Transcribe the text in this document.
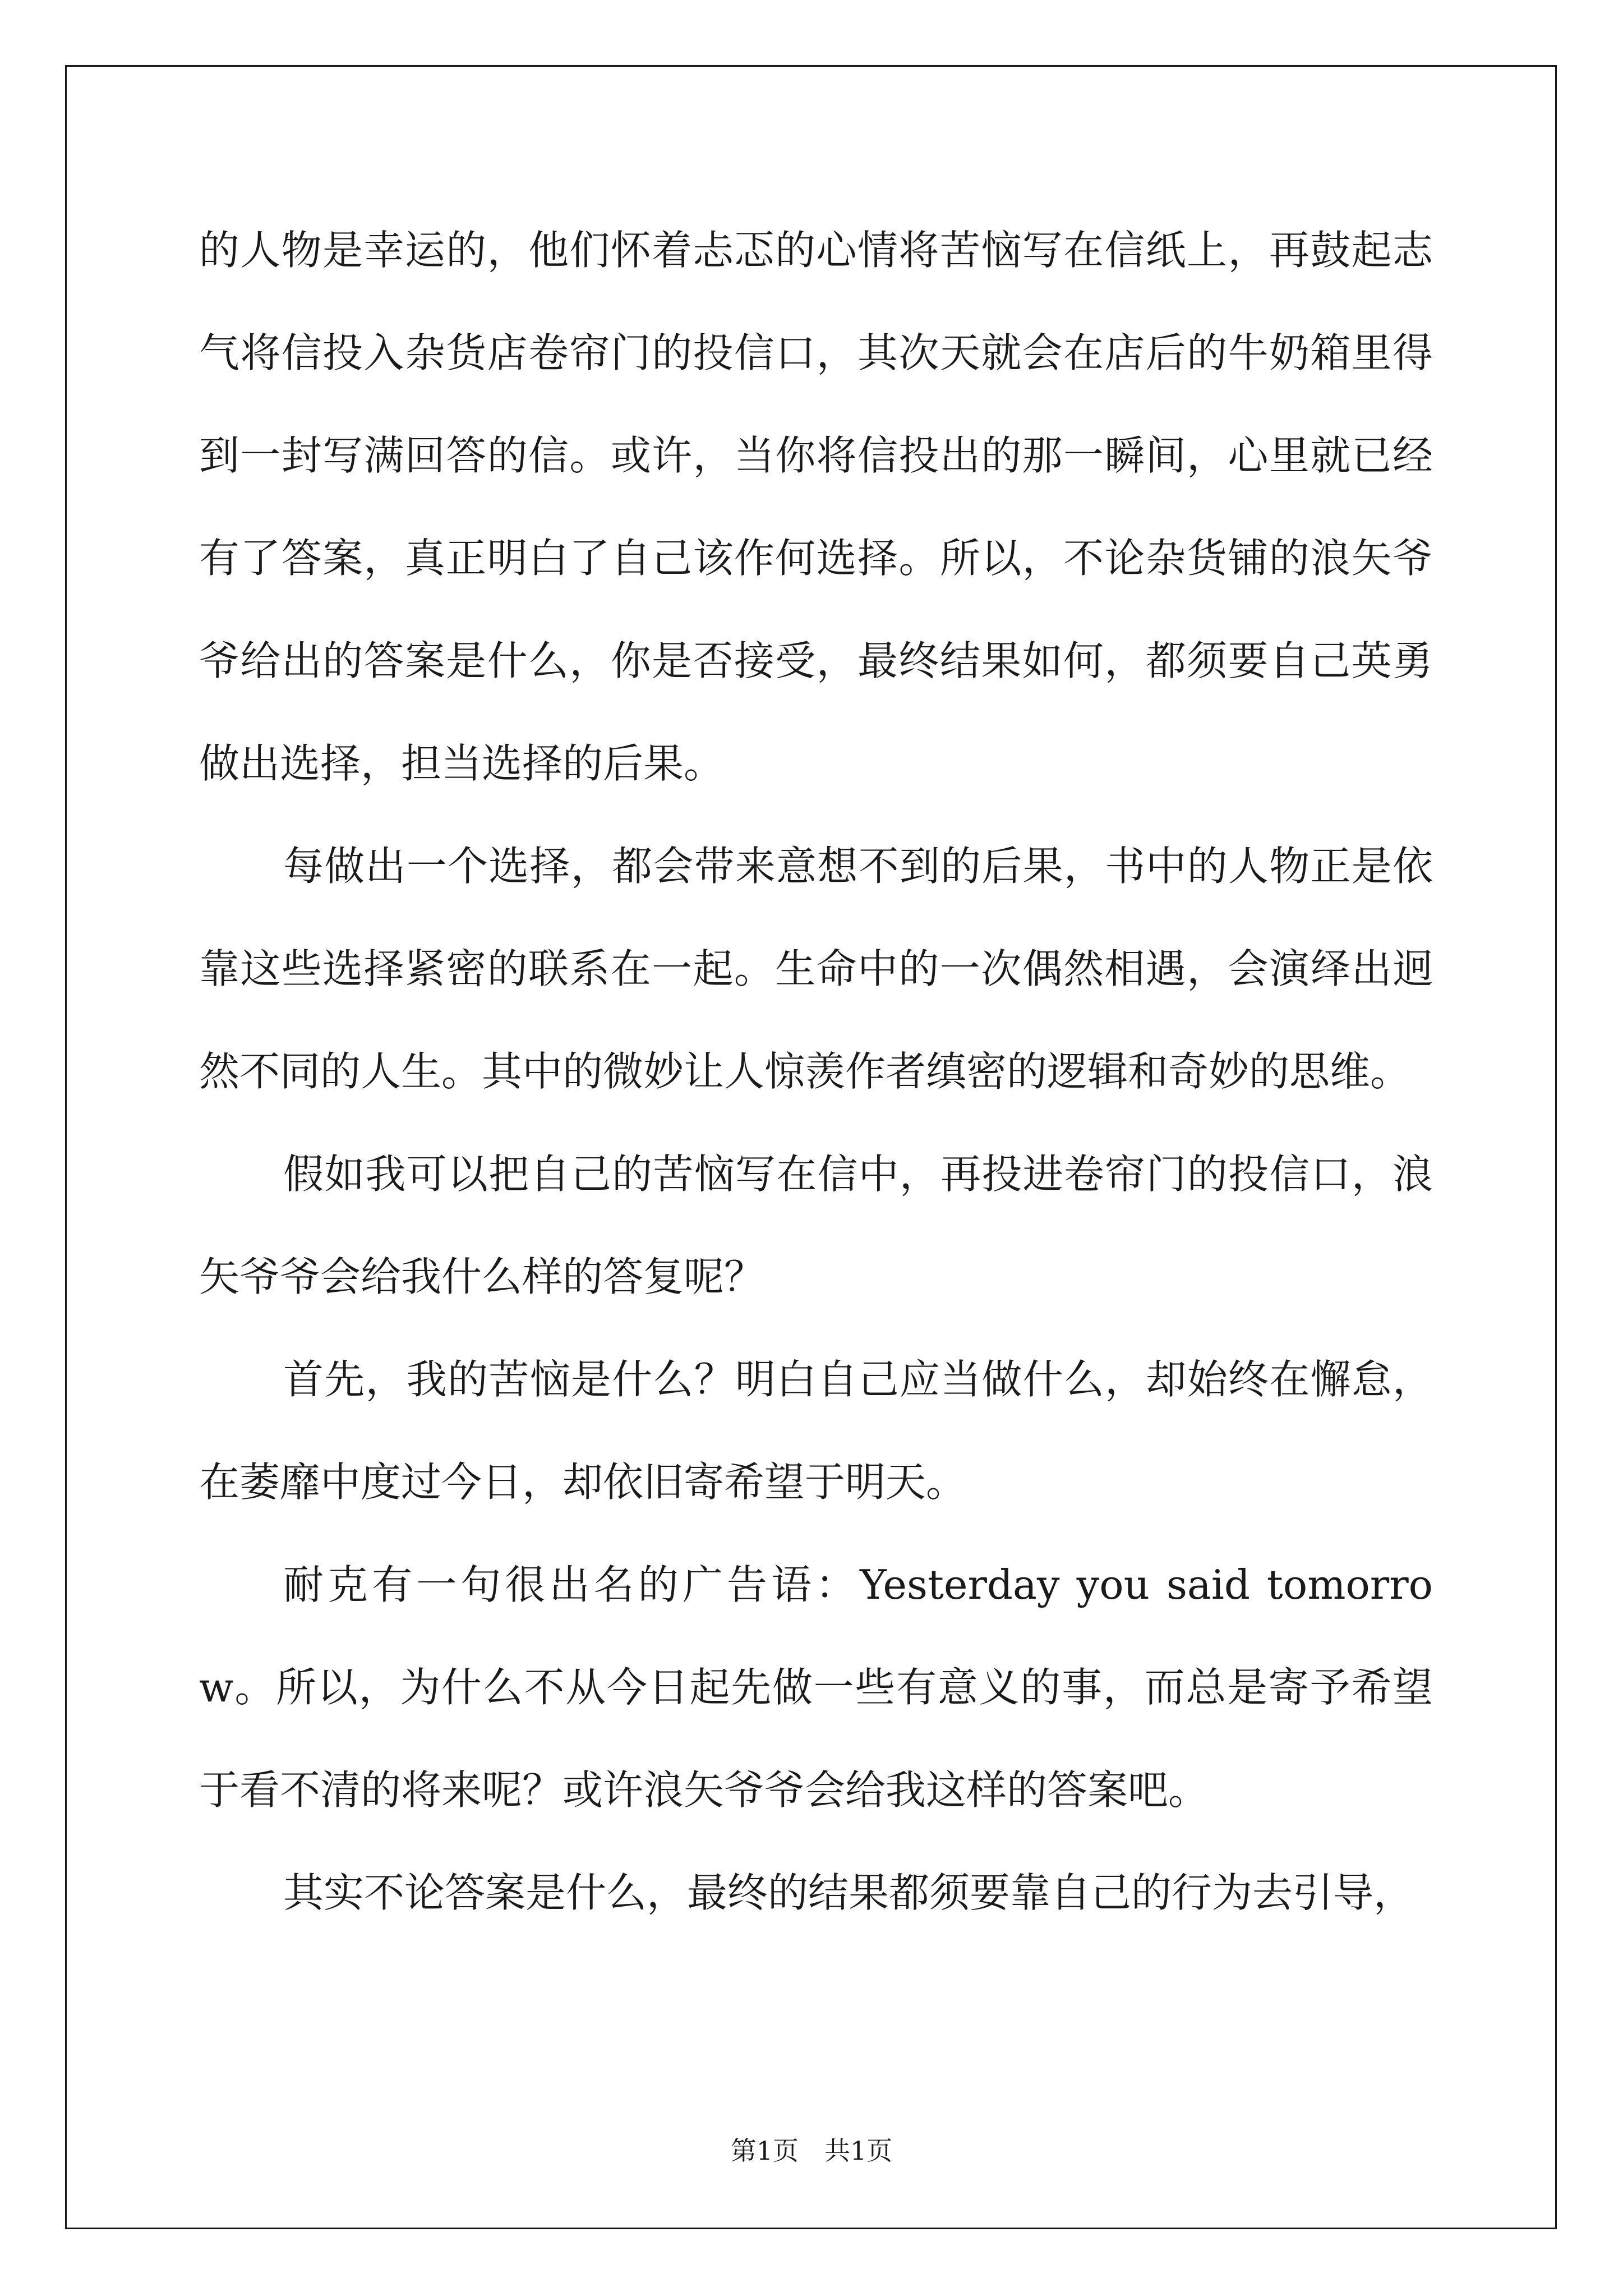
的人物是幸运的，他们怀着忐忑的心情将苦恼写在信纸上，再鼓起志气将信投入杂货店卷帘门的投信口，其次天就会在店后的牛奶箱里得到一封写满回答的信。或许，当你将信投出的那一瞬间，心里就已经有了答案，真正明白了自己该作何选择。所以，不论杂货铺的浪矢爷爷给出的答案是什么，你是否接受，最终结果如何，都须要自己英勇做出选择，担当选择的后果。

每做出一个选择，都会带来意想不到的后果，书中的人物正是依靠这些选择紧密的联系在一起。生命中的一次偶然相遇，会演绎出迥然不同的人生。其中的微妙让人惊羡作者缜密的逻辑和奇妙的思维。

假如我可以把自己的苦恼写在信中，再投进卷帘门的投信口，浪矢爷爷会给我什么样的答复呢？

首先，我的苦恼是什么？明白自己应当做什么，却始终在懈怠，在萎靡中度过今日，却依旧寄希望于明天。

耐克有一句很出名的广告语：Yesterday you said tomorrow。所以，为什么不从今日起先做一些有意义的事，而总是寄予希望于看不清的将来呢？或许浪矢爷爷会给我这样的答案吧。

其实不论答案是什么，最终的结果都须要靠自己的行为去引导，

第1页　共1页
